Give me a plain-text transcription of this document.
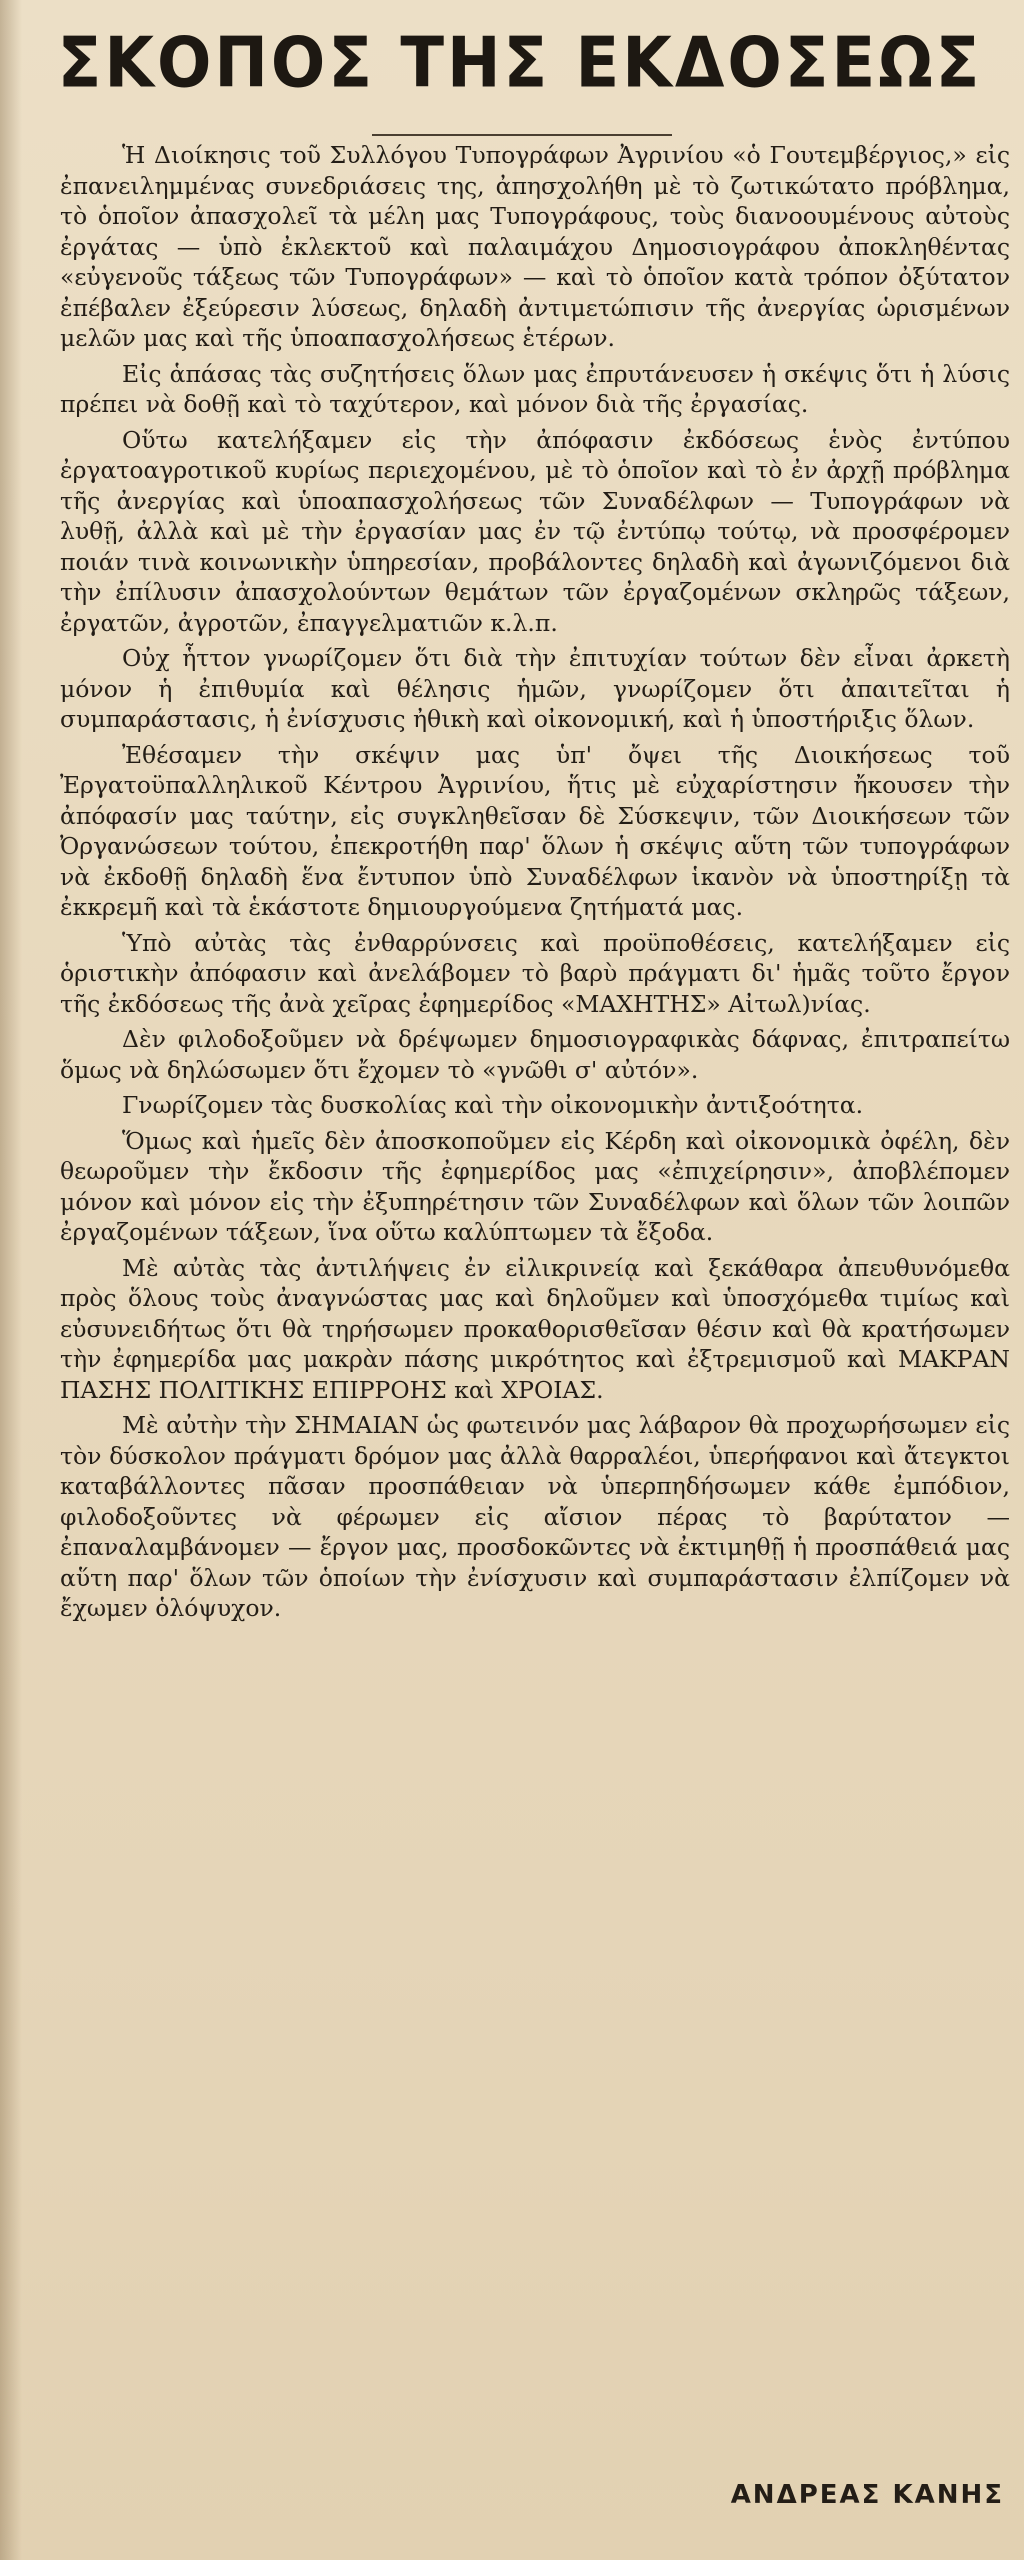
ΣΚΟΠΟΣ ΤΗΣ ΕΚΔΟΣΕΩΣ

Ἡ Διοίκησις τοῦ Συλλόγου Τυπογράφων Ἀγρινίου «ὁ Γουτεμβέργιος,» εἰς ἐπανειλημμένας συνεδριάσεις της, ἀπησχολήθη μὲ τὸ ζωτικώτατο πρόβλημα, τὸ ὁποῖον ἀπασχολεῖ τὰ μέλη μας Τυπογράφους, τοὺς διανοουμένους αὐτοὺς ἐργάτας — ὑπὸ ἐκλεκτοῦ καὶ παλαιμάχου Δημοσιογράφου ἀποκληθέντας «εὐγενοῦς τάξεως τῶν Τυπογράφων» — καὶ τὸ ὁποῖον κατὰ τρόπον ὀξύτατον ἐπέβαλεν ἐξεύρεσιν λύσεως, δηλαδὴ ἀντιμετώπισιν τῆς ἀνεργίας ὡρισμένων μελῶν μας καὶ τῆς ὑποαπασχολήσεως ἑτέρων.

Εἰς ἁπάσας τὰς συζητήσεις ὅλων μας ἐπρυτάνευσεν ἡ σκέψις ὅτι ἡ λύσις πρέπει νὰ δοθῇ καὶ τὸ ταχύτερον, καὶ μόνον διὰ τῆς ἐργασίας.

Οὕτω κατελήξαμεν εἰς τὴν ἀπόφασιν ἐκδόσεως ἑνὸς ἐντύπου ἐργατοαγροτικοῦ κυρίως περιεχομένου, μὲ τὸ ὁποῖον καὶ τὸ ἐν ἀρχῇ πρόβλημα τῆς ἀνεργίας καὶ ὑποαπασχολήσεως τῶν Συναδέλφων — Τυπογράφων νὰ λυθῇ, ἀλλὰ καὶ μὲ τὴν ἐργασίαν μας ἐν τῷ ἐντύπῳ τούτῳ, νὰ προσφέρομεν ποιάν τινὰ κοινωνικὴν ὑπηρεσίαν, προβάλοντες δηλαδὴ καὶ ἀγωνιζόμενοι διὰ τὴν ἐπίλυσιν ἀπασχολούντων θεμάτων τῶν ἐργαζομένων σκληρῶς τάξεων, ἐργατῶν, ἀγροτῶν, ἐπαγγελματιῶν κ.λ.π.

Οὐχ ἧττον γνωρίζομεν ὅτι διὰ τὴν ἐπιτυχίαν τούτων δὲν εἶναι ἀρκετὴ μόνον ἡ ἐπιθυμία καὶ θέλησις ἡμῶν, γνωρίζομεν ὅτι ἀπαιτεῖται ἡ συμπαράστασις, ἡ ἐνίσχυσις ἠθικὴ καὶ οἰκονομική, καὶ ἡ ὑποστήριξις ὅλων.

Ἐθέσαμεν τὴν σκέψιν μας ὑπ' ὄψει τῆς Διοικήσεως τοῦ Ἐργατοϋπαλληλικοῦ Κέντρου Ἀγρινίου, ἥτις μὲ εὐχαρίστησιν ἤκουσεν τὴν ἀπόφασίν μας ταύτην, εἰς συγκληθεῖσαν δὲ Σύσκεψιν, τῶν Διοικήσεων τῶν Ὀργανώσεων τούτου, ἐπεκροτήθη παρ' ὅλων ἡ σκέψις αὕτη τῶν τυπογράφων νὰ ἐκδοθῇ δηλαδὴ ἕνα ἔντυπον ὑπὸ Συναδέλφων ἱκανὸν νὰ ὑποστηρίξῃ τὰ ἐκκρεμῆ καὶ τὰ ἑκάστοτε δημιουργούμενα ζητήματά μας.

Ὑπὸ αὐτὰς τὰς ἐνθαρρύνσεις καὶ προϋποθέσεις, κατελήξαμεν εἰς ὁριστικὴν ἀπόφασιν καὶ ἀνελάβομεν τὸ βαρὺ πράγματι δι' ἡμᾶς τοῦτο ἔργον τῆς ἐκδόσεως τῆς ἀνὰ χεῖρας ἐφημερίδος «ΜΑΧΗΤΗΣ» Αἰτωλ)νίας.

Δὲν φιλοδοξοῦμεν νὰ δρέψωμεν δημοσιογραφικὰς δάφνας, ἐπιτραπείτω ὅμως νὰ δηλώσωμεν ὅτι ἔχομεν τὸ «γνῶθι σ' αὐτόν».

Γνωρίζομεν τὰς δυσκολίας καὶ τὴν οἰκονομικὴν ἀντιξοότητα.

Ὅμως καὶ ἡμεῖς δὲν ἀποσκοποῦμεν εἰς Κέρδη καὶ οἰκονομικὰ ὀφέλη, δὲν θεωροῦμεν τὴν ἔκδοσιν τῆς ἐφημερίδος μας «ἐπιχείρησιν», ἀποβλέπομεν μόνον καὶ μόνον εἰς τὴν ἐξυπηρέτησιν τῶν Συναδέλφων καὶ ὅλων τῶν λοιπῶν ἐργαζομένων τάξεων, ἵνα οὕτω καλύπτωμεν τὰ ἔξοδα.

Μὲ αὐτὰς τὰς ἀντιλήψεις ἐν εἰλικρινείᾳ καὶ ξεκάθαρα ἀπευθυνόμεθα πρὸς ὅλους τοὺς ἀναγνώστας μας καὶ δηλοῦμεν καὶ ὑποσχόμεθα τιμίως καὶ εὐσυνειδήτως ὅτι θὰ τηρήσωμεν προκαθορισθεῖσαν θέσιν καὶ θὰ κρατήσωμεν τὴν ἐφημερίδα μας μακρὰν πάσης μικρότητος καὶ ἐξτρεμισμοῦ καὶ ΜΑΚΡΑΝ ΠΑΣΗΣ ΠΟΛΙΤΙΚΗΣ ΕΠΙΡΡΟΗΣ καὶ ΧΡΟΙΑΣ.

Μὲ αὐτὴν τὴν ΣΗΜΑΙΑΝ ὡς φωτεινόν μας λάβαρον θὰ προχωρήσωμεν εἰς τὸν δύσκολον πράγματι δρόμον μας ἀλλὰ θαρραλέοι, ὑπερήφανοι καὶ ἄτεγκτοι καταβάλλοντες πᾶσαν προσπάθειαν νὰ ὑπερπηδήσωμεν κάθε ἐμπόδιον, φιλοδοξοῦντες νὰ φέρωμεν εἰς αἴσιον πέρας τὸ βαρύτατον — ἐπαναλαμβάνομεν — ἔργον μας, προσδοκῶντες νὰ ἐκτιμηθῇ ἡ προσπάθειά μας αὕτη παρ' ὅλων τῶν ὁποίων τὴν ἐνίσχυσιν καὶ συμπαράστασιν ἐλπίζομεν νὰ ἔχωμεν ὁλόψυχον.

ΑΝΔΡΕΑΣ ΚΑΝΗΣ
